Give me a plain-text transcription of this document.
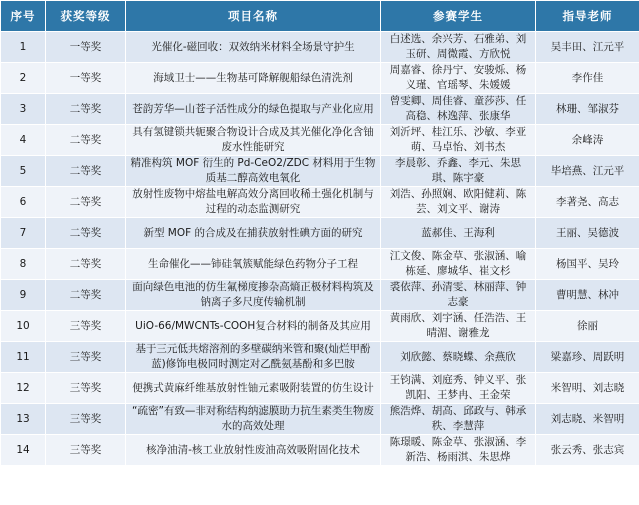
序号	获奖等级	项目名称	参赛学生	指导老师
1	一等奖	光催化-磁回收：双效纳米材料全场景守护生	白述选、余兴芳、石雅弟、刘玉研、周微霞、方欣悦	吴丰田、江元平
2	一等奖	海域卫士——生物基可降解舰船绿色清洗剂	周嘉睿、徐丹宁、安骏烁、杨义瑾、官瑶琴、朱媛媛	李作佳
3	二等奖	苍韵芳华—山苍子活性成分的绿色提取与产业化应用	曾雯卿、周佳睿、童莎莎、任高稳、林逸萍、张康华	林珊、邹淑芬
4	二等奖	具有氢键锁共轭聚合物设计合成及其光催化净化含铀废水性能研究	刘沂坪、桂江乐、沙敏、李亚萌、马卓怡、刘书杰	余峰涛
5	二等奖	精准构筑 MOF 衍生的 Pd-CeO2/ZDC 材料用于生物质基二醇高效电氧化	李晨彰、乔鑫、李元、朱思琪、陈宇豪	毕培燕、江元平
6	二等奖	放射性废物中熔盐电解高效分离回收稀土强化机制与过程的动态监测研究	刘浩、孙照娴、欧阳健莉、陈芸、刘文平、谢涛	李著尧、高志
7	二等奖	新型 MOF 的合成及在捕获放射性碘方面的研究	蓝郝佳、王海利	王丽、吴德波
8	二等奖	生命催化——铈硅氧簇赋能绿色药物分子工程	江文俊、陈金草、张淑涵、喻栋延、廖城华、崔文杉	杨国平、吴玲
9	二等奖	面向绿色电池的仿生氟梯度掺杂高熵正极材料构筑及钠离子多尺度传输机制	裘依萍、孙清雯、林丽萍、钟志豪	曹明慧、林冲
10	三等奖	UiO-66/MWCNTs-COOH复合材料的制备及其应用	黄雨欣、刘宇涵、任浩浩、王晴湄、谢雅龙	徐丽
11	三等奖	基于三元低共熔溶剂的多壁碳纳米管和聚(灿烂甲酚蓝)修饰电极同时测定对乙酰氨基酚和多巴胺	刘欣懿、蔡晓蝶、余燕欣	梁嘉珍、周跃明
12	三等奖	便携式黄麻纤维基放射性铀元素吸附装置的仿生设计	王钧满、刘庭秀、钟义平、张凯阳、王梦冉、王金荣	米智明、刘志晓
13	三等奖	“疏密”有致—非对称结构纳滤膜助力抗生素类生物废水的高效处理	熊浩烨、胡高、邱政与、韩承秩、李慧萍	刘志晓、米智明
14	三等奖	核净油清-核工业放射性废油高效吸附固化技术	陈璟暖、陈金草、张淑涵、李新浩、杨雨淇、朱思烨	张云秀、张志宾
